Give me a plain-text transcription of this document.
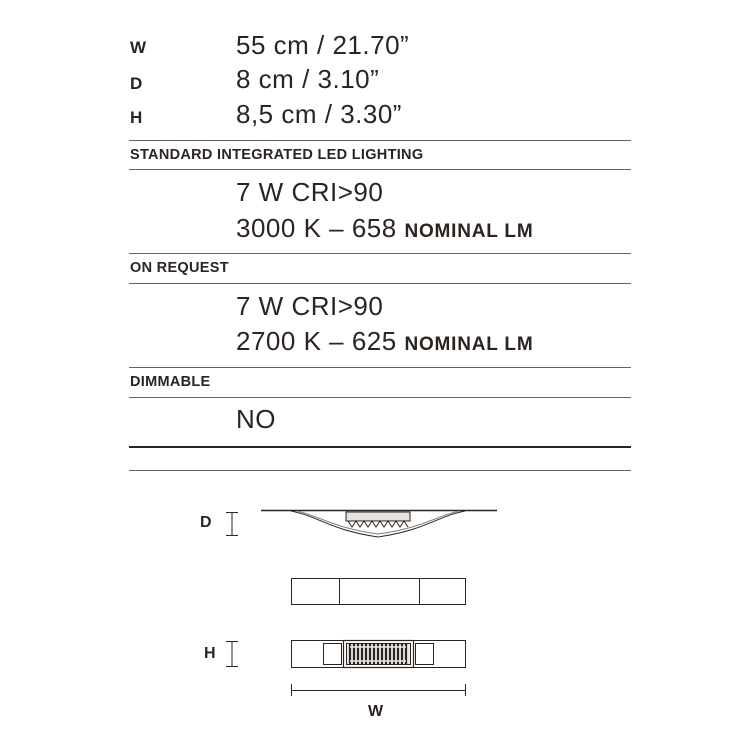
W	55 cm / 21.70”
D	8 cm / 3.10”
H	8,5 cm / 3.30”
STANDARD INTEGRATED LED LIGHTING
7 W CRI>90
3000 K – 658 NOMINAL LM
ON REQUEST
7 W CRI>90
2700 K – 625 NOMINAL LM
DIMMABLE
NO
D
H
W
